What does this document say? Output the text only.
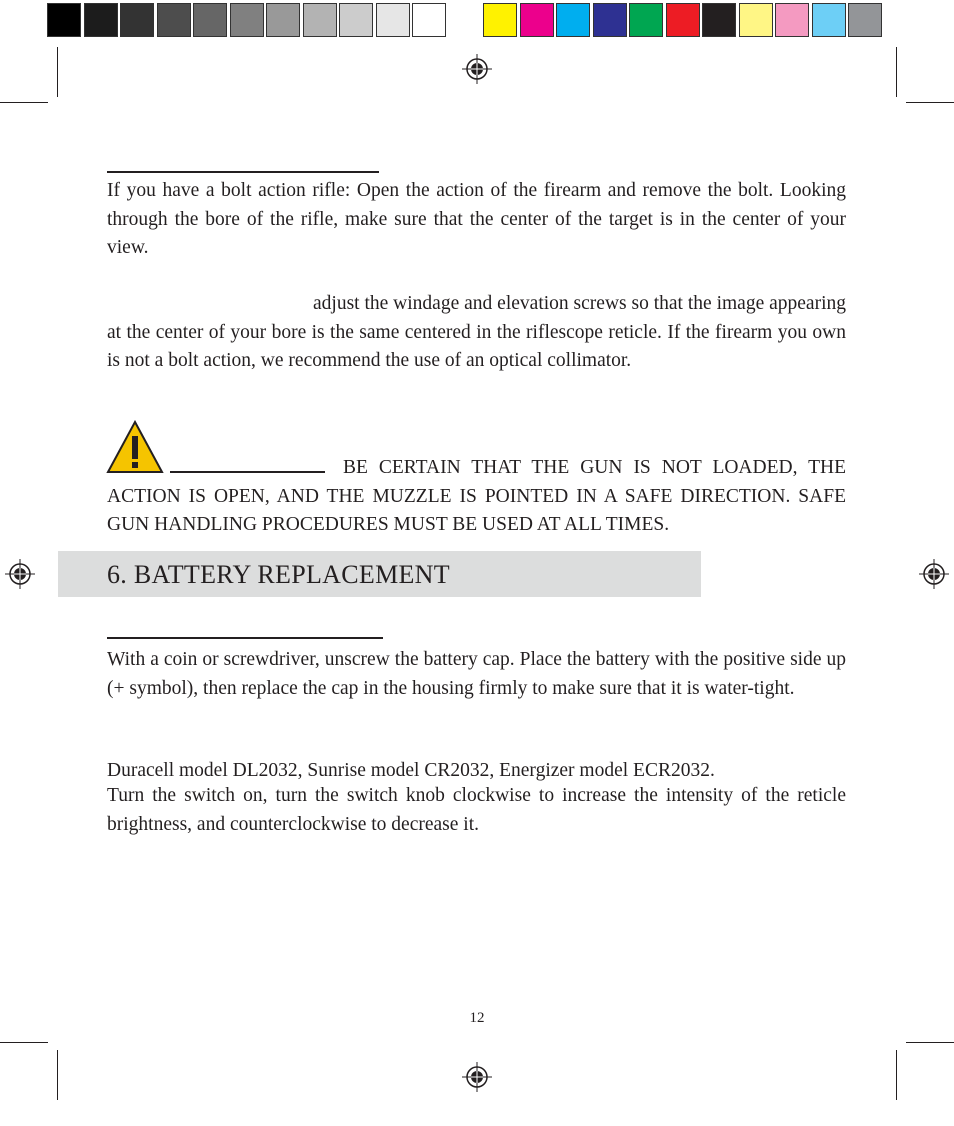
If you have a bolt action rifle: Open the action of the firearm and remove the bolt. Looking through the bore of the rifle, make sure that the center of the target is in the center of your view.

adjust the windage and elevation screws so that the image appearing at the center of your bore is the same centered in the riflescope reticle. If the firearm you own is not a bolt action, we recommend the use of an optical collimator.

BE CERTAIN THAT THE GUN IS NOT LOADED, THE ACTION IS OPEN, AND THE MUZZLE IS POINTED IN A SAFE DIRECTION. SAFE GUN HANDLING PROCEDURES MUST BE USED AT ALL TIMES.

6. BATTERY REPLACEMENT

With a coin or screwdriver, unscrew the battery cap. Place the battery with the positive side up (+ symbol), then replace the cap in the housing firmly to make sure that it is water-tight.

Duracell model DL2032, Sunrise model CR2032, Energizer model ECR2032.

Turn the switch on, turn the switch knob clockwise to increase the intensity of the reticle brightness, and counterclockwise to decrease it.

12
